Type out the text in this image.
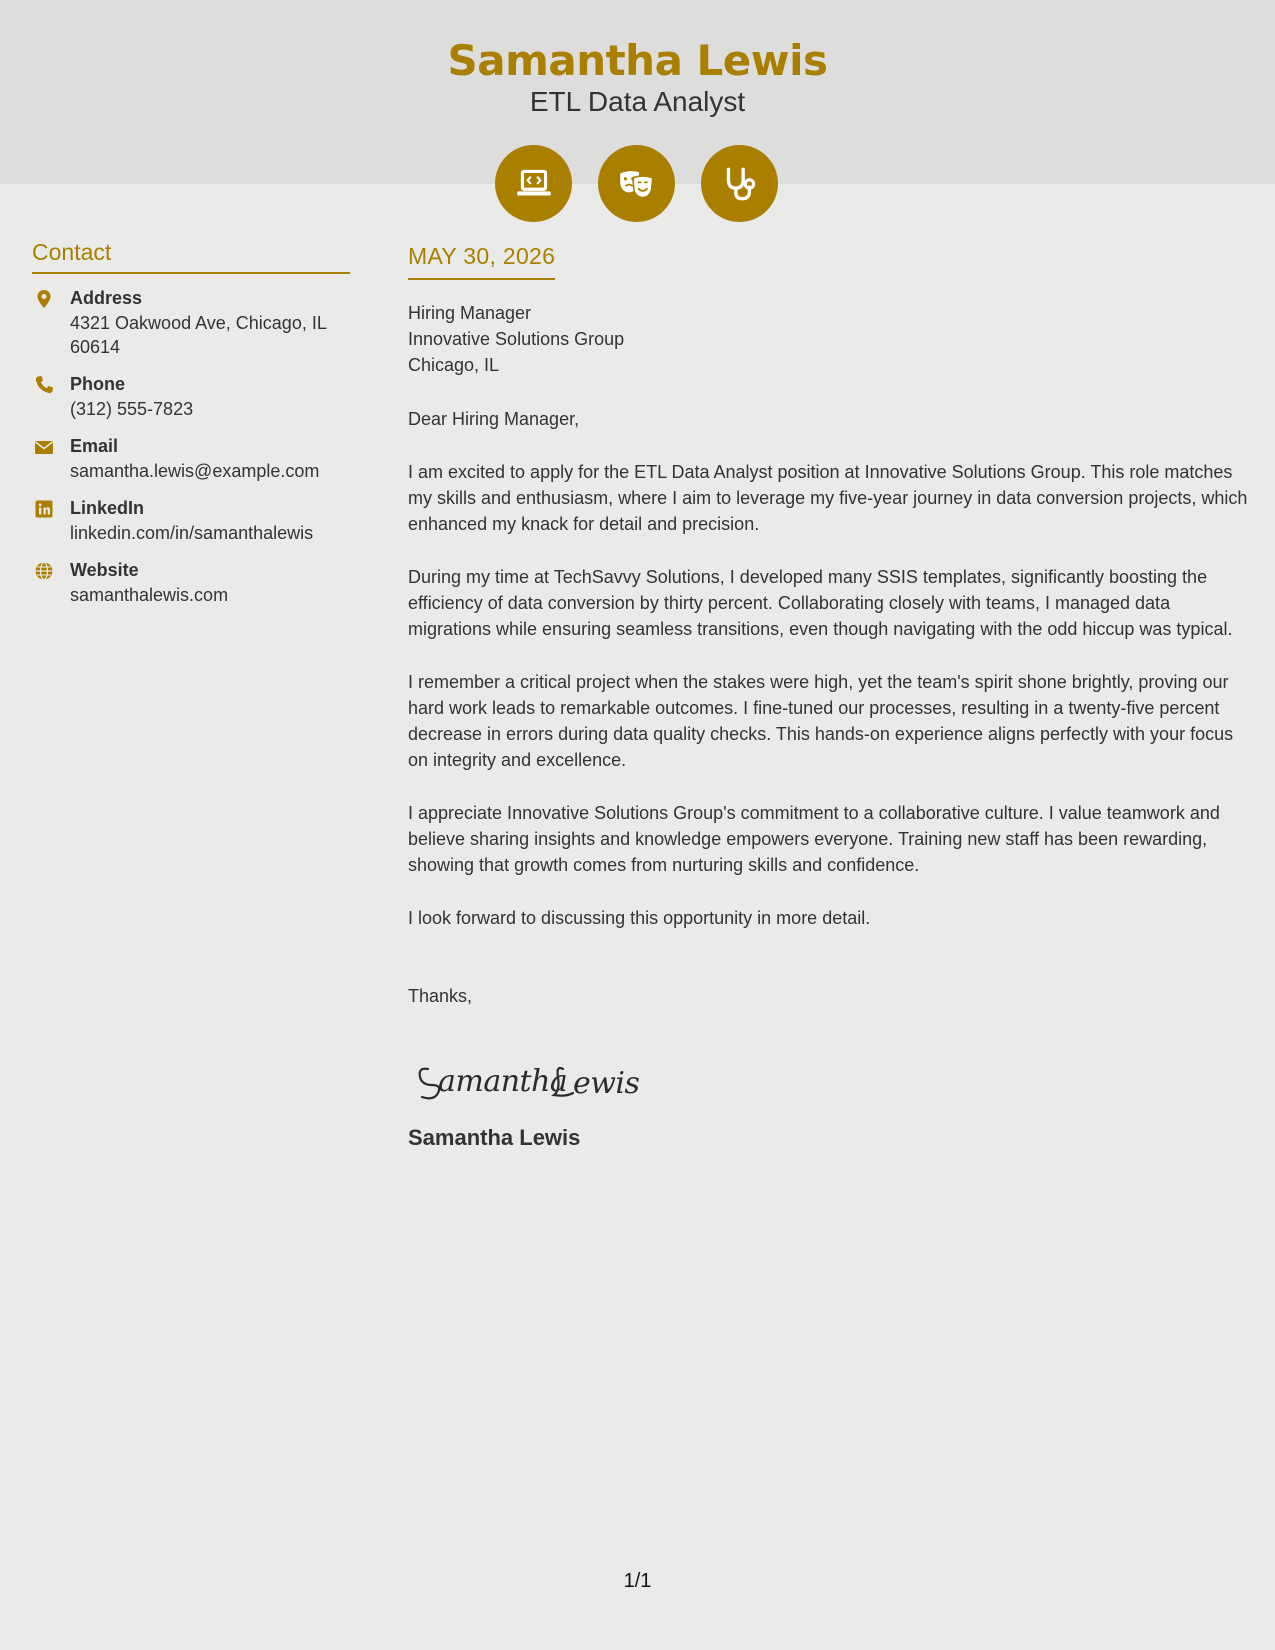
Samantha Lewis
ETL Data Analyst
Contact
Address
4321 Oakwood Ave, Chicago, IL 60614
Phone
(312) 555-7823
Email
samantha.lewis@example.com
LinkedIn
linkedin.com/in/samanthalewis
Website
samanthalewis.com
MAY 30, 2026
Hiring Manager
Innovative Solutions Group
Chicago, IL
Dear Hiring Manager,
I am excited to apply for the ETL Data Analyst position at Innovative Solutions Group. This role matches my skills and enthusiasm, where I aim to leverage my five-year journey in data conversion projects, which enhanced my knack for detail and precision.
During my time at TechSavvy Solutions, I developed many SSIS templates, significantly boosting the efficiency of data conversion by thirty percent. Collaborating closely with teams, I managed data migrations while ensuring seamless transitions, even though navigating with the odd hiccup was typical.
I remember a critical project when the stakes were high, yet the team's spirit shone brightly, proving our hard work leads to remarkable outcomes. I fine-tuned our processes, resulting in a twenty-five percent decrease in errors during data quality checks. This hands-on experience aligns perfectly with your focus on integrity and excellence.
I appreciate Innovative Solutions Group's commitment to a collaborative culture. I value teamwork and believe sharing insights and knowledge empowers everyone. Training new staff has been rewarding, showing that growth comes from nurturing skills and confidence.
I look forward to discussing this opportunity in more detail.
Thanks,
amantha ewis
Samantha Lewis
1/1
